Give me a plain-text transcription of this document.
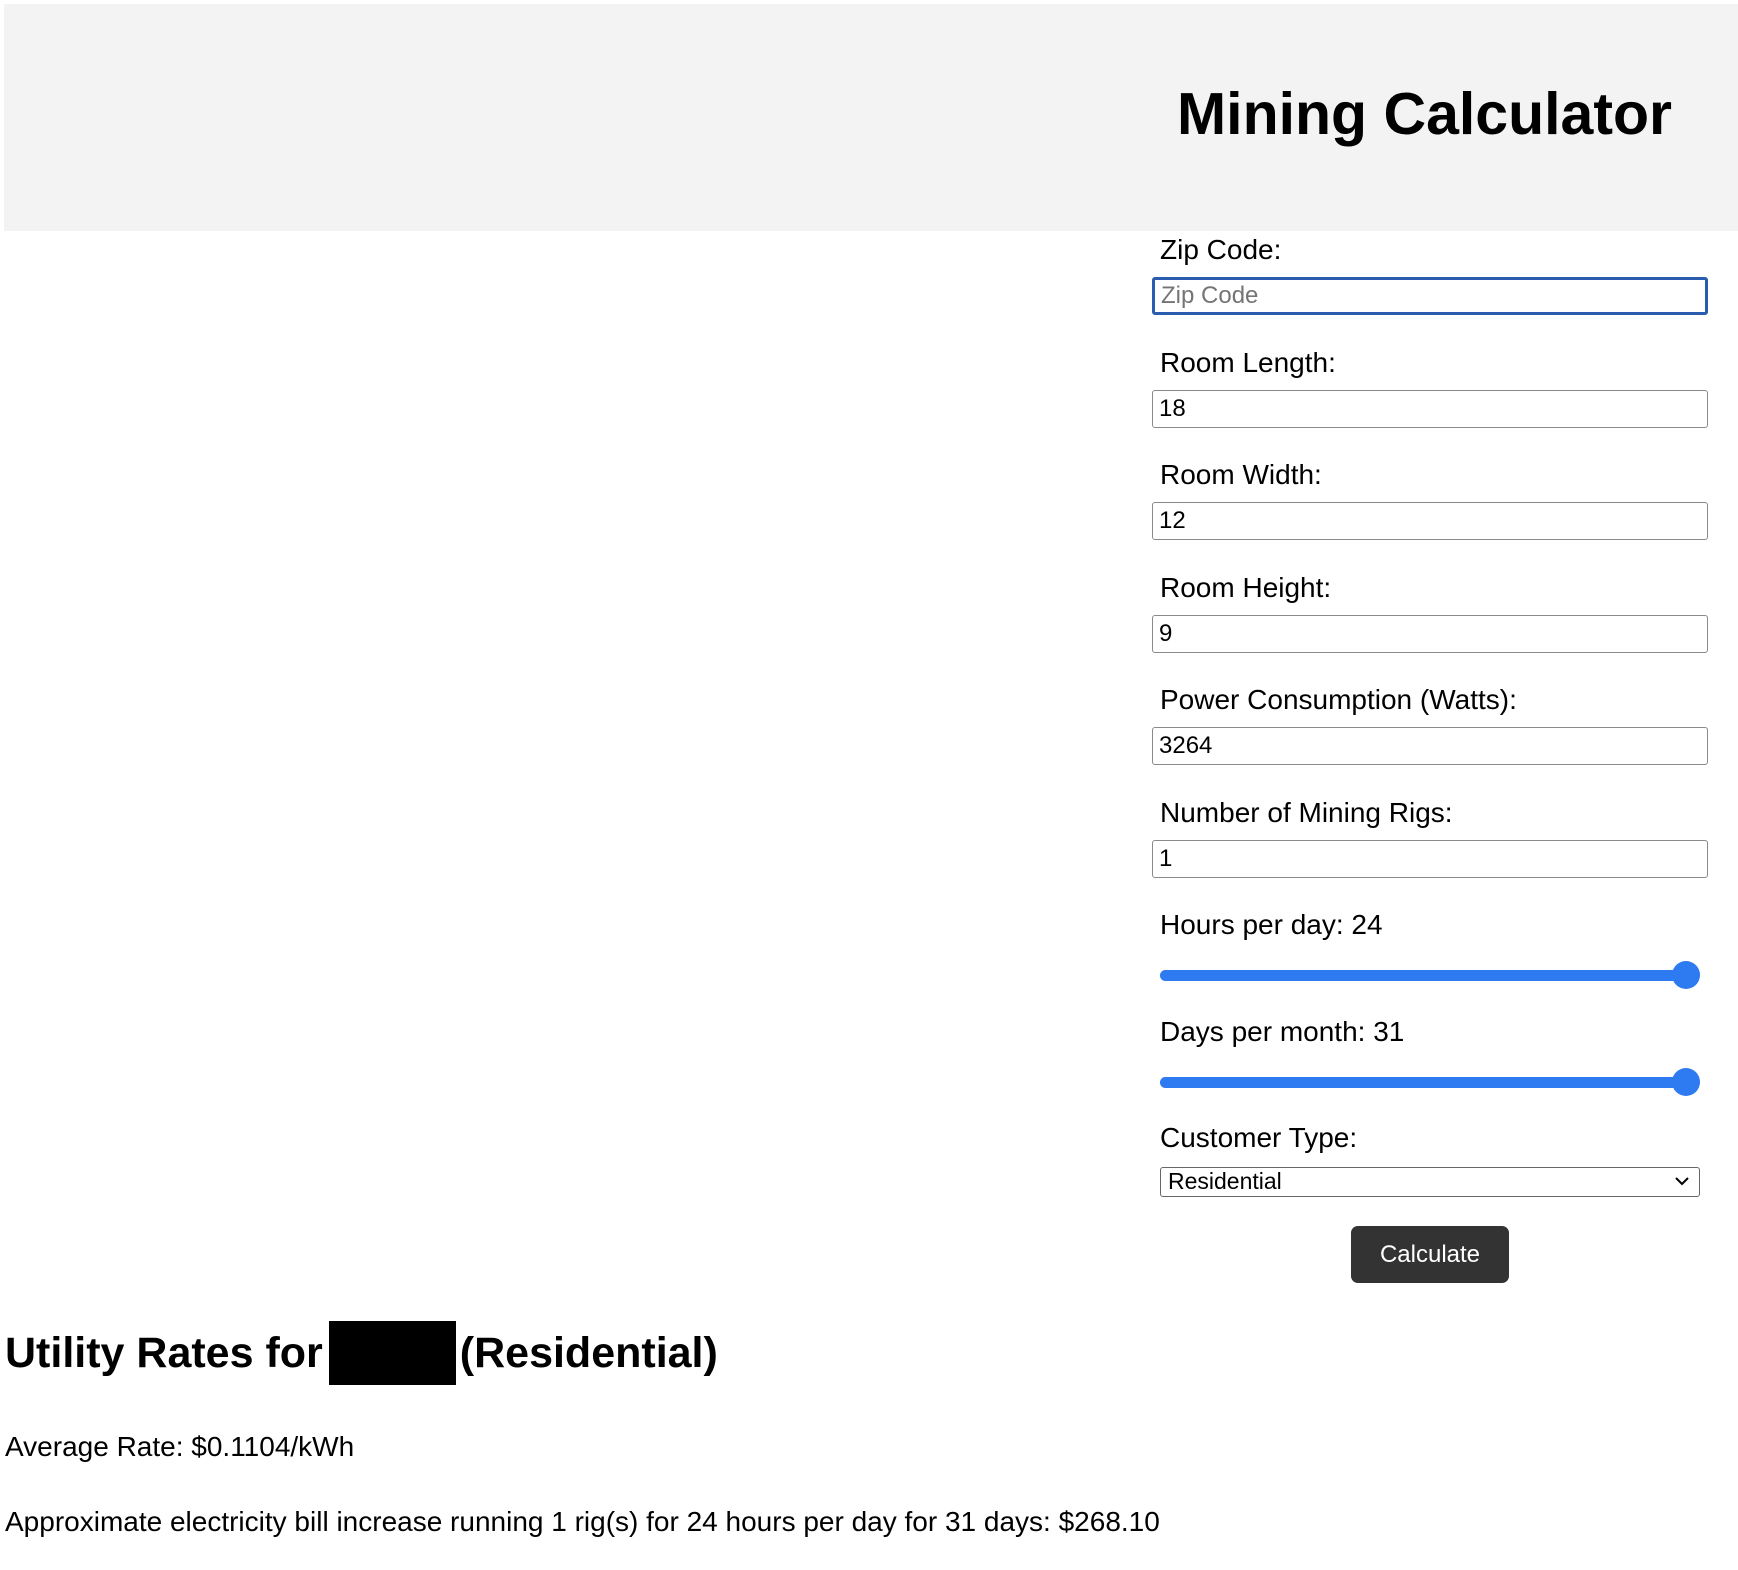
Mining Calculator
Zip Code:
Zip Code
Room Length:
18
Room Width:
12
Room Height:
9
Power Consumption (Watts):
3264
Number of Mining Rigs:
1
Hours per day: 24
Days per month: 31
Customer Type:
Residential
Calculate
Utility Rates for	(Residential)

Average Rate: $0.1104/kWh

Approximate electricity bill increase running 1 rig(s) for 24 hours per day for 31 days: $268.10
